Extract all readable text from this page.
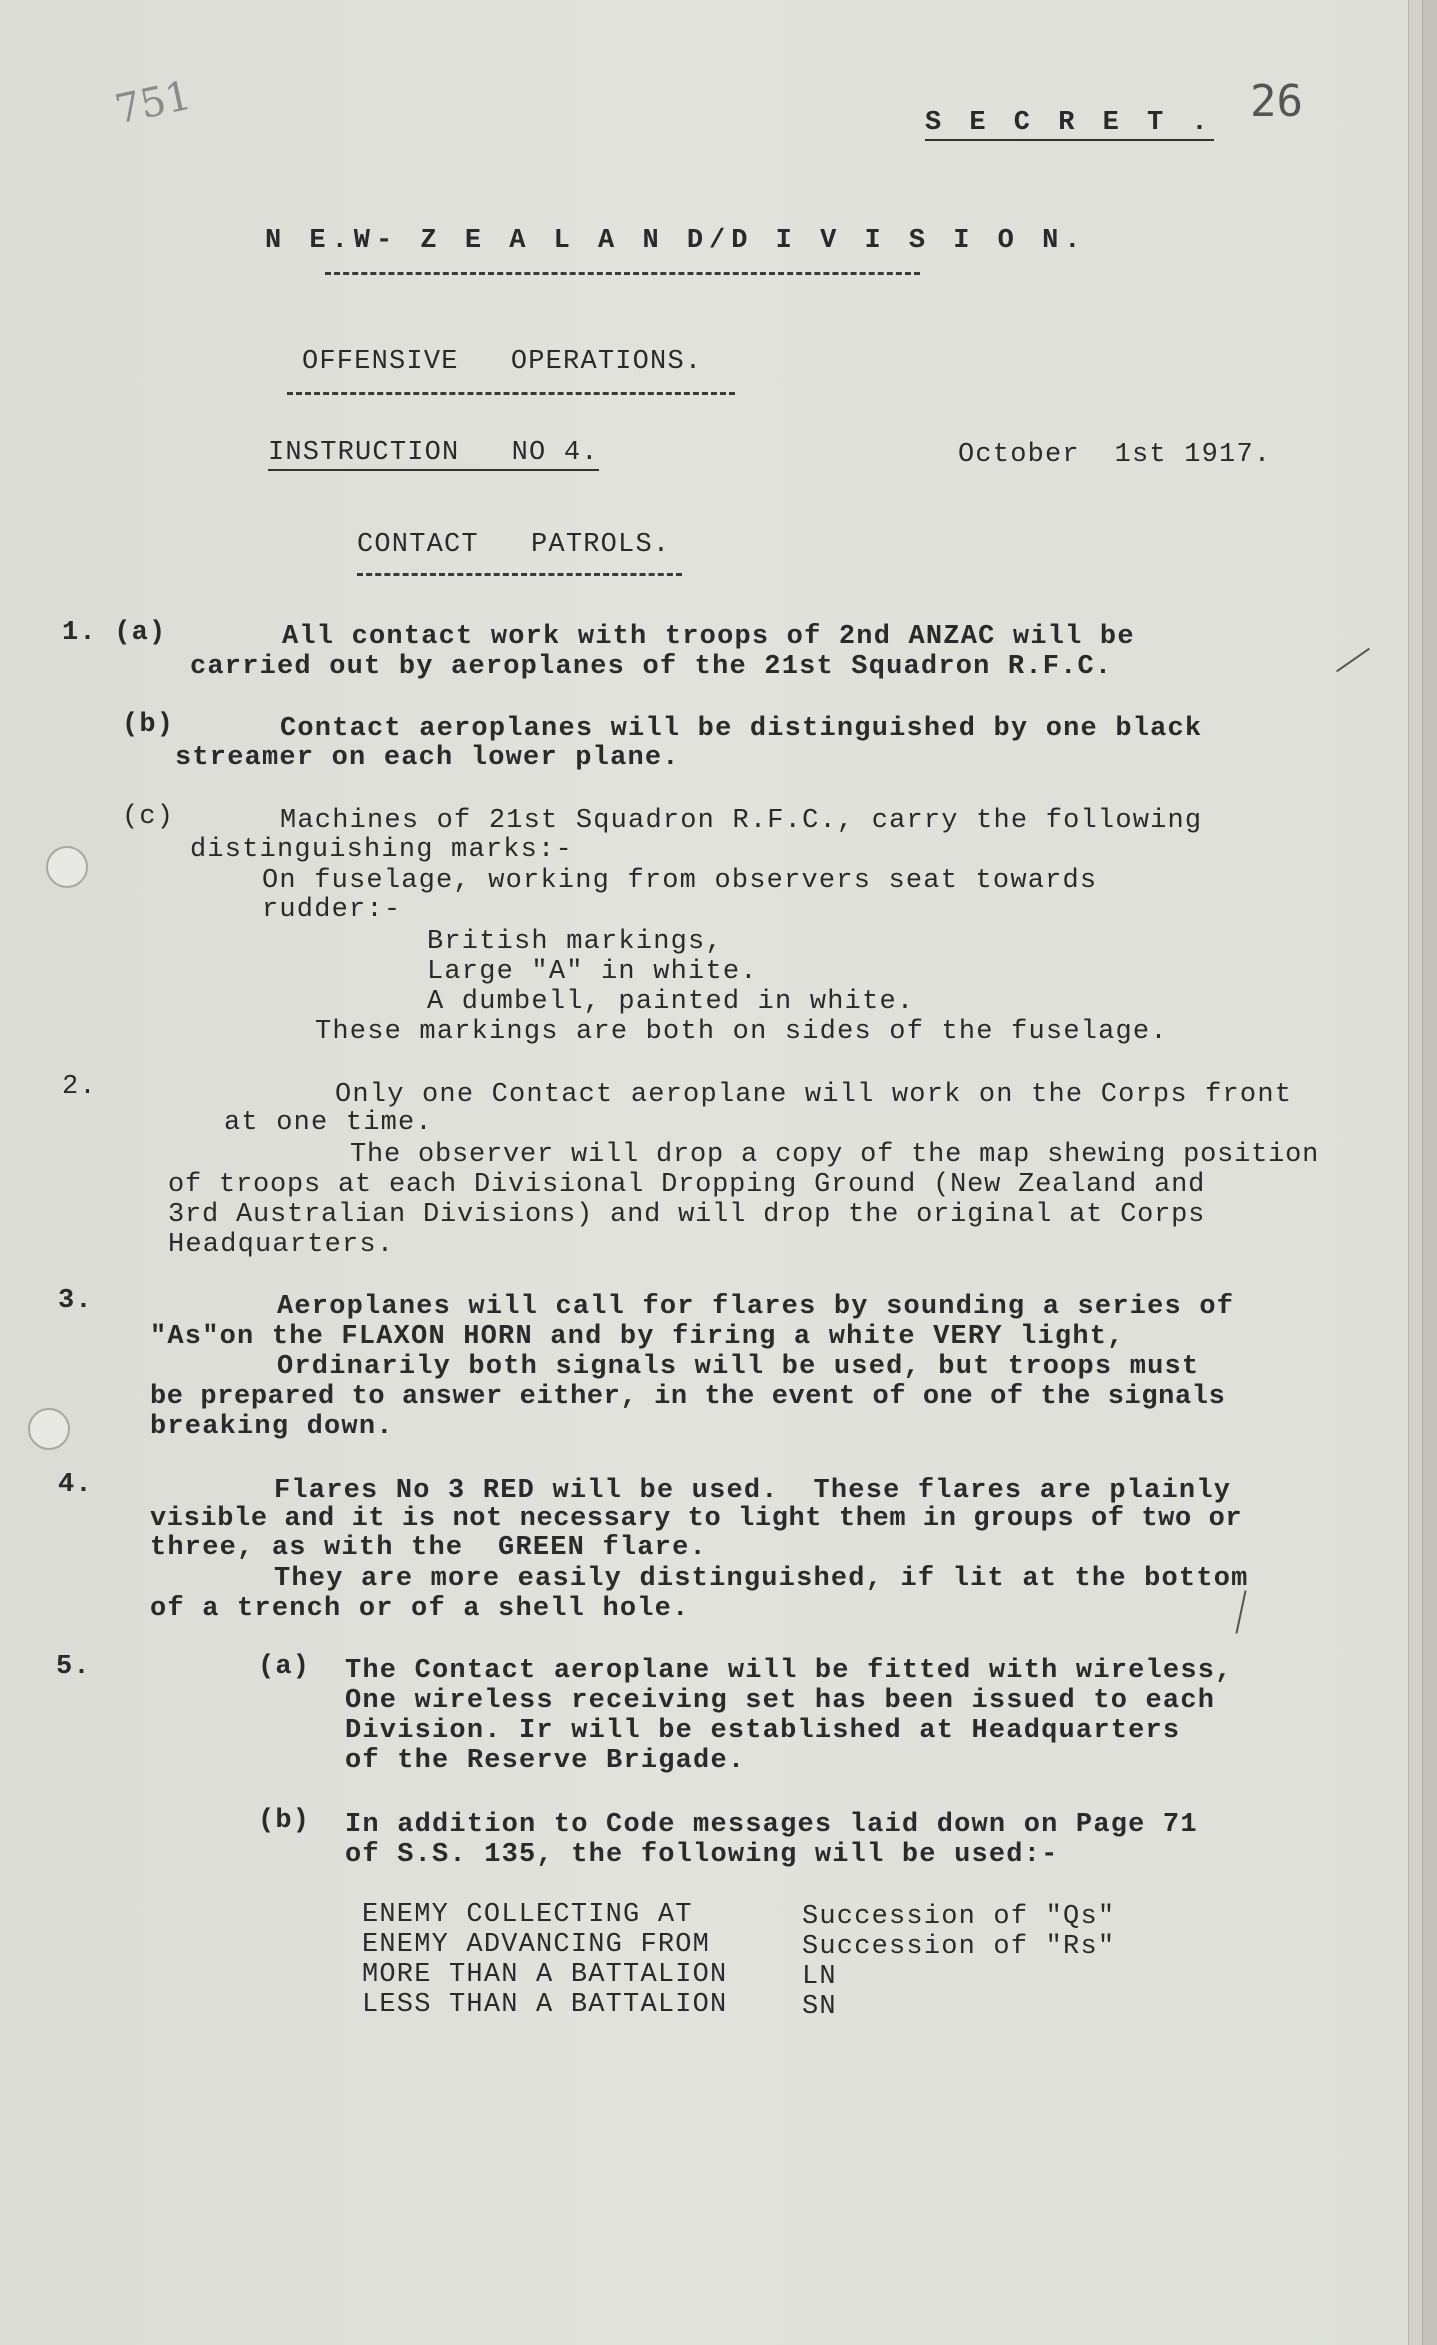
751	S E C R E T . 26
N E.W- Z E A L A N D/D I V I S I O N.
OFFENSIVE   OPERATIONS.
INSTRUCTION   NO 4.	October  1st 1917.
CONTACT   PATROLS.
1. (a)	All contact work with troops of 2nd ANZAC will be
carried out by aeroplanes of the 21st Squadron R.F.C.
(b)	Contact aeroplanes will be distinguished by one black
streamer on each lower plane.
(c)	Machines of 21st Squadron R.F.C., carry the following
distinguishing marks:-
On fuselage, working from observers seat towards
rudder:-
British markings,
Large "A" in white.
A dumbell, painted in white.
These markings are both on sides of the fuselage.
2.	Only one Contact aeroplane will work on the Corps front
at one time.
The observer will drop a copy of the map shewing position
of troops at each Divisional Dropping Ground (New Zealand and
3rd Australian Divisions) and will drop the original at Corps
Headquarters.
3.	Aeroplanes will call for flares by sounding a series of
"As"on the FLAXON HORN and by firing a white VERY light,
Ordinarily both signals will be used, but troops must
be prepared to answer either, in the event of one of the signals
breaking down.
4.	Flares No 3 RED will be used.  These flares are plainly
visible and it is not necessary to light them in groups of two or
three, as with the  GREEN flare.
They are more easily distinguished, if lit at the bottom
of a trench or of a shell hole.
5.	(a) The Contact aeroplane will be fitted with wireless,
One wireless receiving set has been issued to each
Division. Ir will be established at Headquarters
of the Reserve Brigade.
(b) In addition to Code messages laid down on Page 71
of S.S. 135, the following will be used:-
ENEMY COLLECTING AT	Succession of "Qs"
ENEMY ADVANCING FROM	Succession of "Rs"
MORE THAN A BATTALION	LN
LESS THAN A BATTALION	SN
